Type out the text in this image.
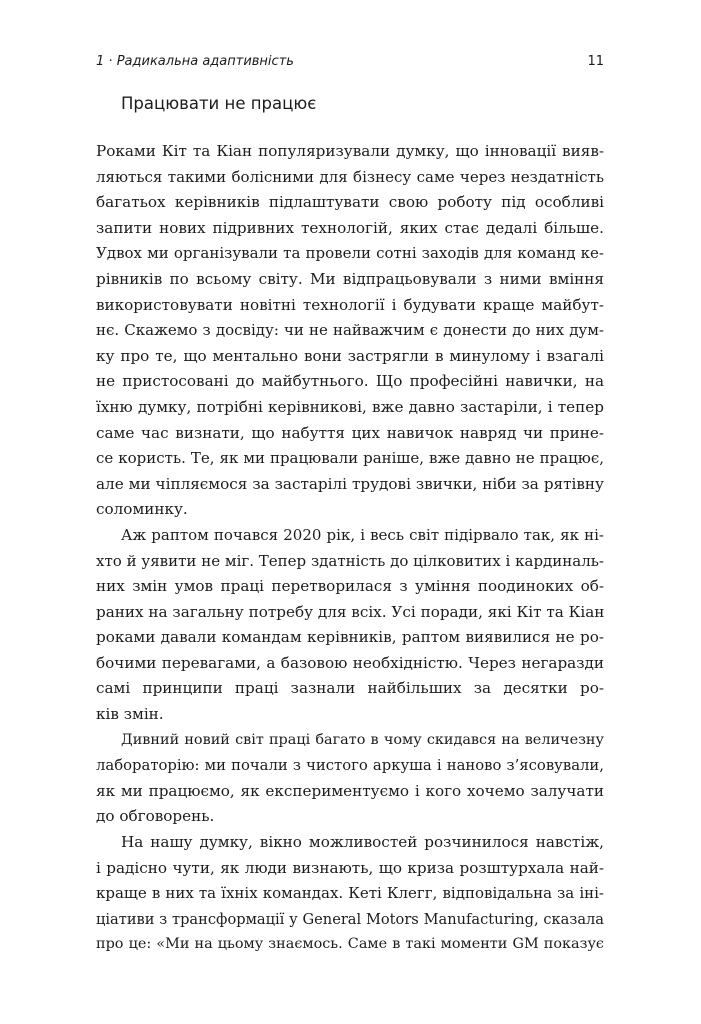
1 · Радикальна адаптивність	11
Працювати не працює
Роками Кіт та Кіан популяризували думку, що інновації вияв-
ляються такими болісними для бізнесу саме через нездатність
багатьох керівників підлаштувати свою роботу під особливі
запити нових підривних технологій, яких стає дедалі більше.
Удвох ми організували та провели сотні заходів для команд ке-
рівників по всьому світу. Ми відпрацьовували з ними вміння
використовувати новітні технології і будувати краще майбут-
нє. Скажемо з досвіду: чи не найважчим є донести до них дум-
ку про те, що ментально вони застрягли в минулому і взагалі
не пристосовані до майбутнього. Що професійні навички, на
їхню думку, потрібні керівникові, вже давно застаріли, і тепер
саме час визнати, що набуття цих навичок навряд чи прине-
се користь. Те, як ми працювали раніше, вже давно не працює,
але ми чіпляємося за застарілі трудові звички, ніби за рятівну
соломинку.
Аж раптом почався 2020 рік, і весь світ підірвало так, як ні-
хто й уявити не міг. Тепер здатність до цілковитих і кардиналь-
них змін умов праці перетворилася з уміння поодиноких об-
раних на загальну потребу для всіх. Усі поради, які Кіт та Кіан
роками давали командам керівників, раптом виявилися не ро-
бочими перевагами, а базовою необхідністю. Через негаразди
самі принципи праці зазнали найбільших за десятки ро-
ків змін.
Дивний новий світ праці багато в чому скидався на величезну
лабораторію: ми почали з чистого аркуша і наново з’ясовували,
як ми працюємо, як експериментуємо і кого хочемо залучати
до обговорень.
На нашу думку, вікно можливостей розчинилося навстіж,
і радісно чути, як люди визнають, що криза розштурхала най-
краще в них та їхніх командах. Кеті Клегг, відповідальна за іні-
ціативи з трансформації у General Motors Manufacturing, сказала
про це: «Ми на цьому знаємось. Саме в такі моменти GM показує
